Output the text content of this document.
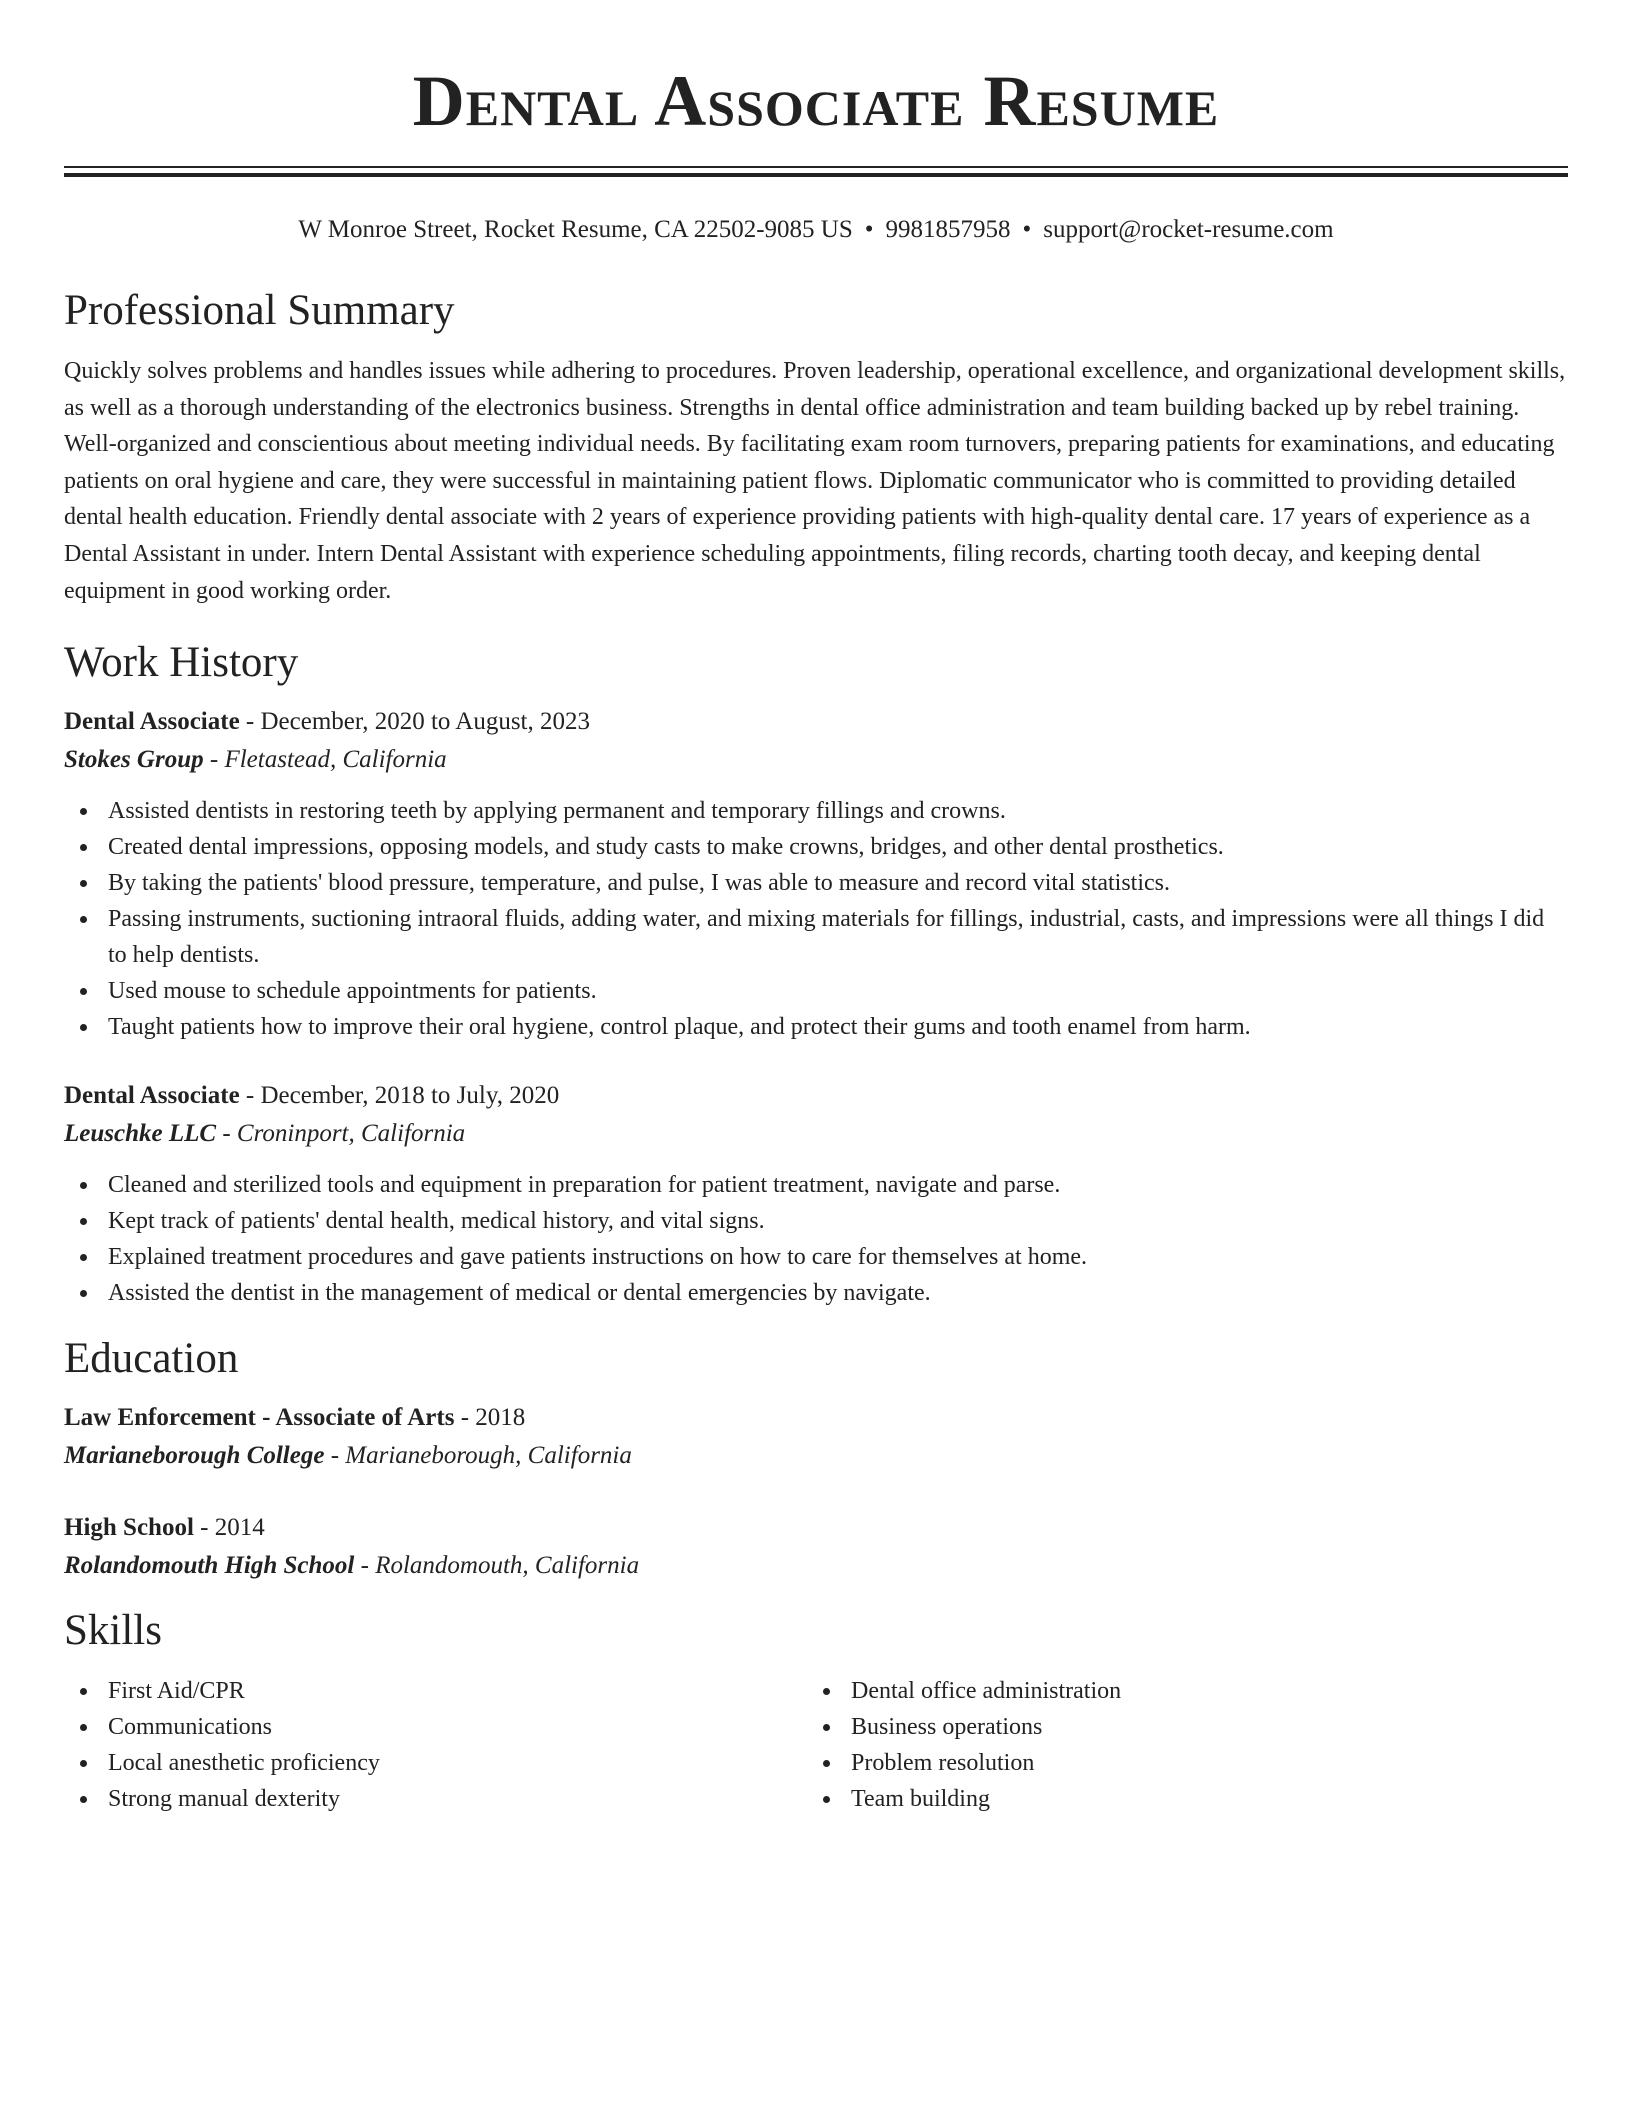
Dental Associate Resume
W Monroe Street, Rocket Resume, CA 22502-9085 US • 9981857958 • support@rocket-resume.com
Professional Summary

Quickly solves problems and handles issues while adhering to procedures. Proven leadership, operational excellence, and organizational development skills, as well as a thorough understanding of the electronics business. Strengths in dental office administration and team building backed up by rebel training. Well-organized and conscientious about meeting individual needs. By facilitating exam room turnovers, preparing patients for examinations, and educating patients on oral hygiene and care, they were successful in maintaining patient flows. Diplomatic communicator who is committed to providing detailed dental health education. Friendly dental associate with 2 years of experience providing patients with high-quality dental care. 17 years of experience as a Dental Assistant in under. Intern Dental Assistant with experience scheduling appointments, filing records, charting tooth decay, and keeping dental equipment in good working order.

Work History
Dental Associate - December, 2020 to August, 2023
Stokes Group - Fletastead, California
Assisted dentists in restoring teeth by applying permanent and temporary fillings and crowns.
Created dental impressions, opposing models, and study casts to make crowns, bridges, and other dental prosthetics.
By taking the patients' blood pressure, temperature, and pulse, I was able to measure and record vital statistics.
Passing instruments, suctioning intraoral fluids, adding water, and mixing materials for fillings, industrial, casts, and impressions were all things I did to help dentists.
Used mouse to schedule appointments for patients.
Taught patients how to improve their oral hygiene, control plaque, and protect their gums and tooth enamel from harm.
Dental Associate - December, 2018 to July, 2020
Leuschke LLC - Croninport, California
Cleaned and sterilized tools and equipment in preparation for patient treatment, navigate and parse.
Kept track of patients' dental health, medical history, and vital signs.
Explained treatment procedures and gave patients instructions on how to care for themselves at home.
Assisted the dentist in the management of medical or dental emergencies by navigate.
Education
Law Enforcement - Associate of Arts - 2018
Marianeborough College - Marianeborough, California
High School - 2014
Rolandomouth High School - Rolandomouth, California
Skills
First Aid/CPR
Communications
Local anesthetic proficiency
Strong manual dexterity
Dental office administration
Business operations
Problem resolution
Team building
